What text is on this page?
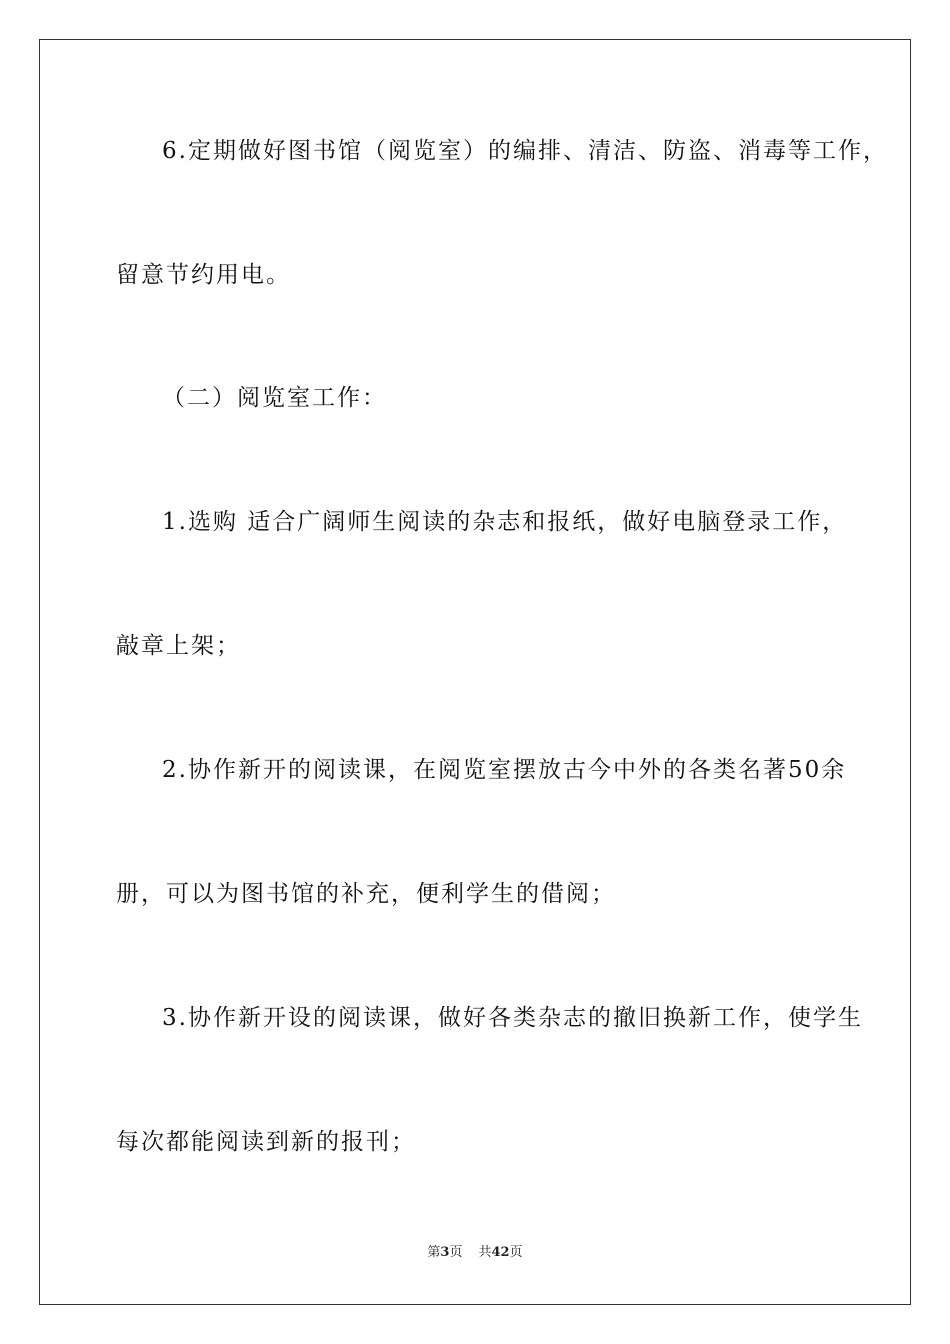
6.定期做好图书馆（阅览室）的编排、清洁、防盗、消毒等工作，
留意节约用电。
（二）阅览室工作：
1.选购 适合广阔师生阅读的杂志和报纸，做好电脑登录工作，
敲章上架；
2.协作新开的阅读课，在阅览室摆放古今中外的各类名著50余
册，可以为图书馆的补充，便利学生的借阅；
3.协作新开设的阅读课，做好各类杂志的撤旧换新工作，使学生
每次都能阅读到新的报刊；
第3页 共42页
